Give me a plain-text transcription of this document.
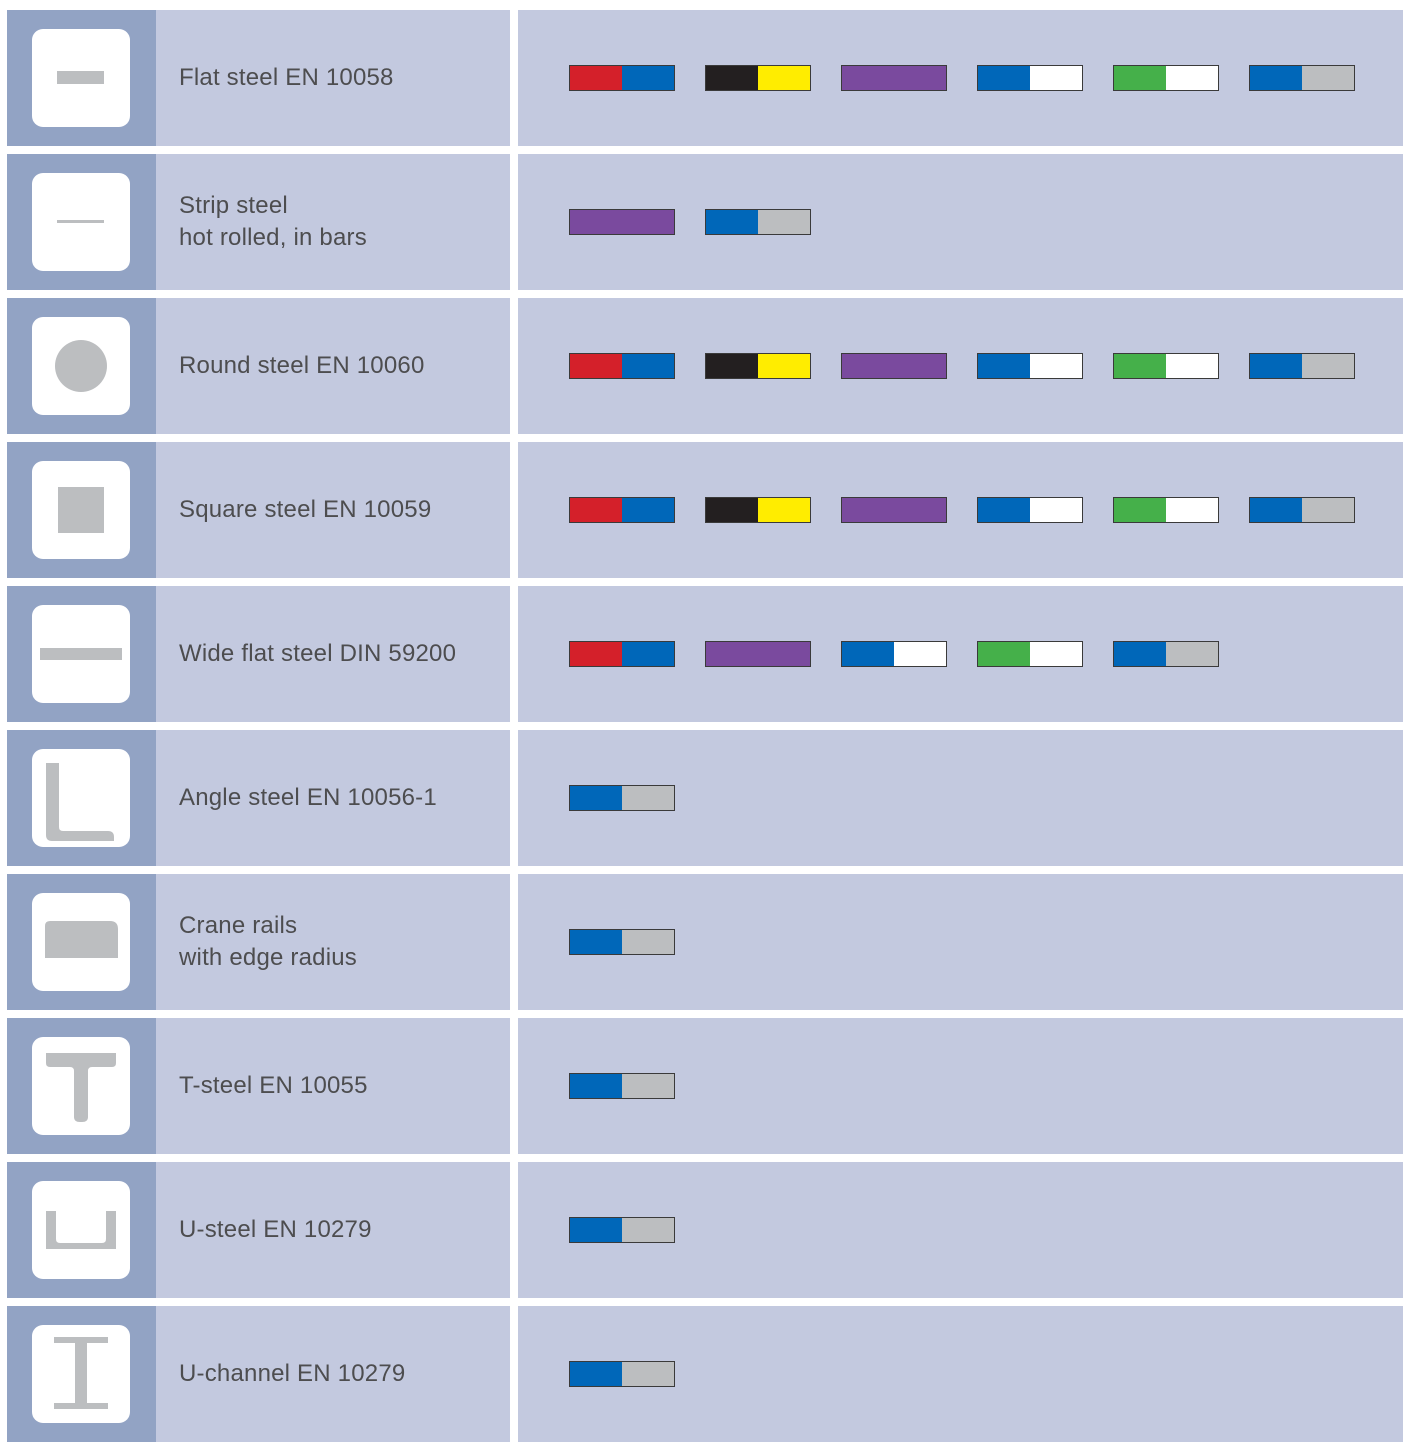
Flat steel EN 10058
Strip steel
hot rolled, in bars
Round steel EN 10060
Square steel EN 10059
Wide flat steel DIN 59200
Angle steel EN 10056-1
Crane rails
with edge radius
T-steel EN 10055
U-steel EN 10279
U-channel EN 10279
